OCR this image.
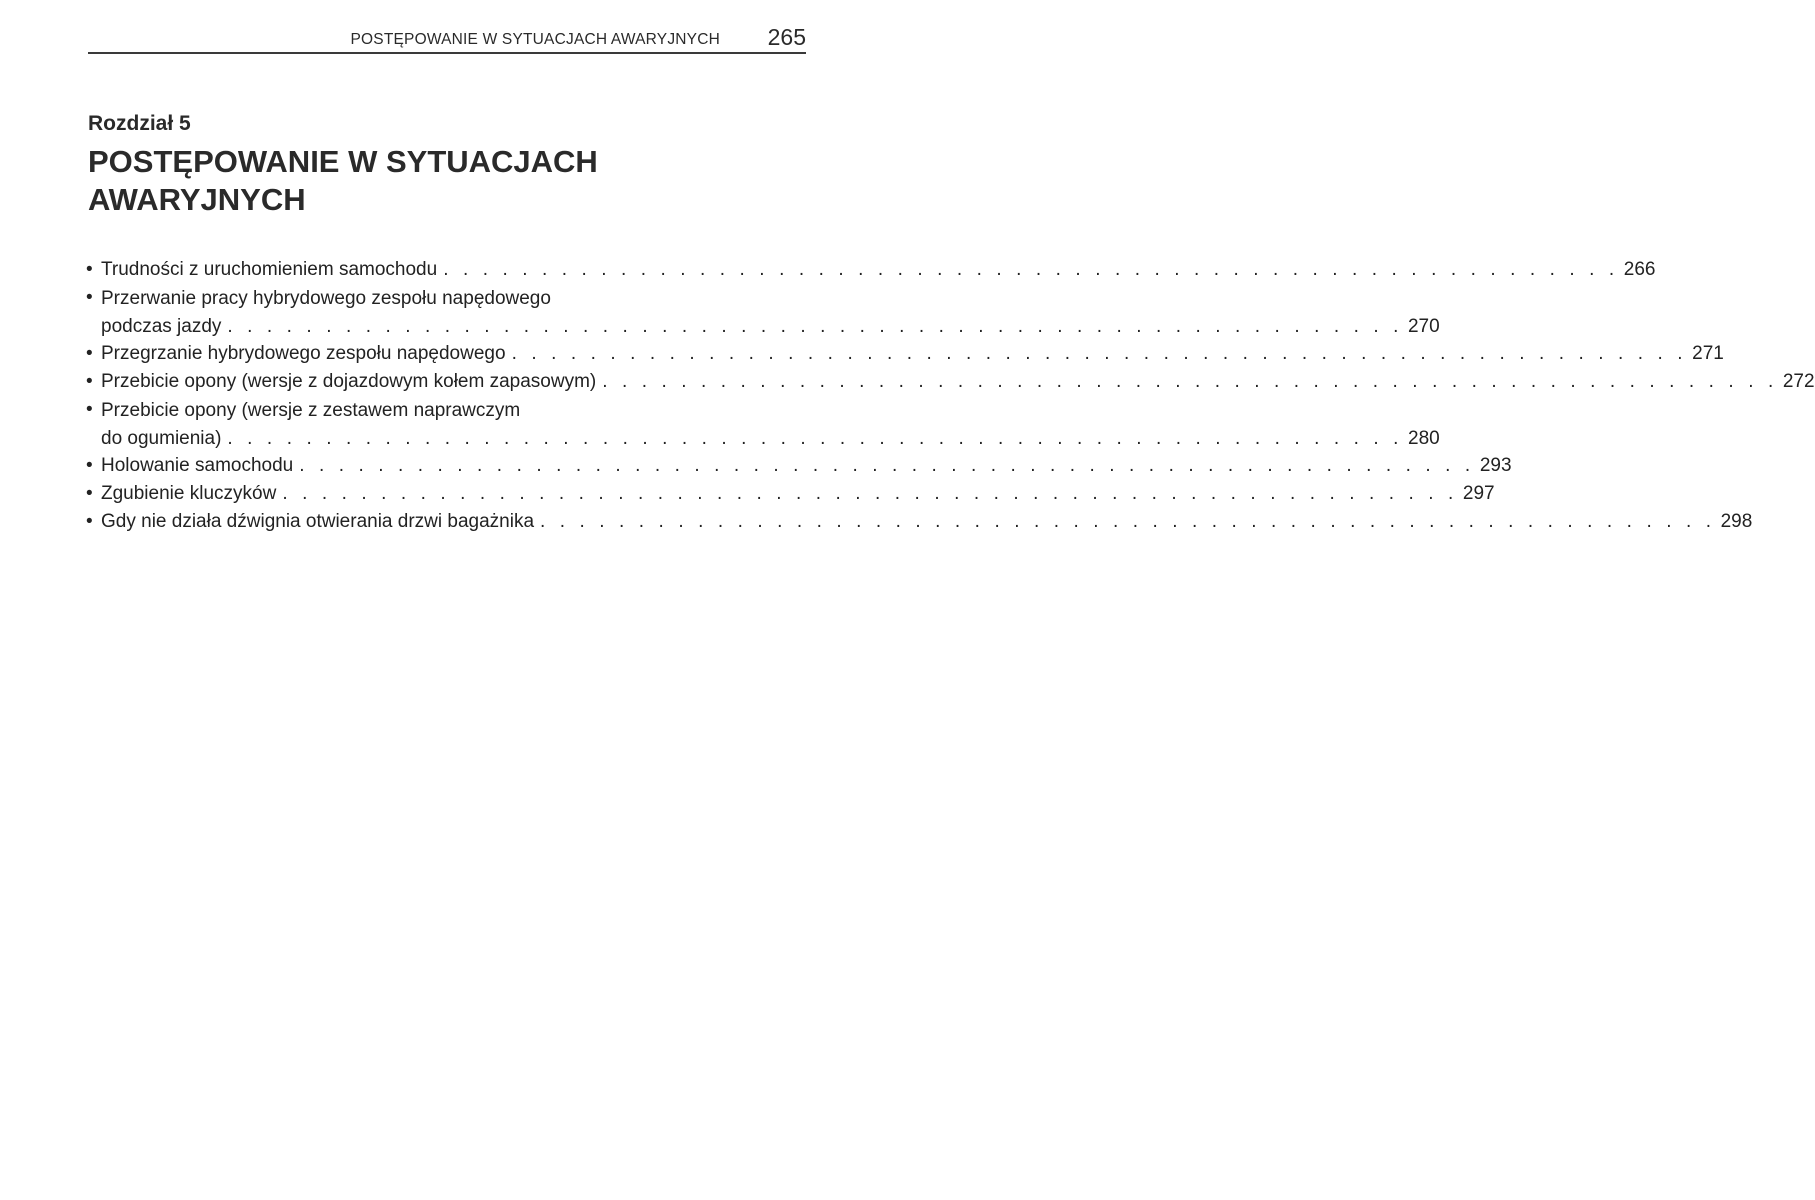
POSTĘPOWANIE W SYTUACJACH AWARYJNYCH 265
Rozdział 5
POSTĘPOWANIE W SYTUACJACH AWARYJNYCH
• Trudności z uruchomieniem samochodu . . . . . . . . . . . . . . . . . . . . . . . . . . . . . . . . . . . . . . . . . . . . . . . . . . . . . . . . . . . . 266
• Przerwanie pracy hybrydowego zespołu napędowego
podczas jazdy . . . . . . . . . . . . . . . . . . . . . . . . . . . . . . . . . . . . . . . . . . . . . . . . . . . . . . . . . . . . 270
• Przegrzanie hybrydowego zespołu napędowego . . . . . . . . . . . . . . . . . . . . . . . . . . . . . . . . . . . . . . . . . . . . . . . . . . . . . . . . . . . . 271
• Przebicie opony (wersje z dojazdowym kołem zapasowym) . . . . . . . . . . . . . . . . . . . . . . . . . . . . . . . . . . . . . . . . . . . . . . . . . . . . . . . . . . . . 272
• Przebicie opony (wersje z zestawem naprawczym
do ogumienia) . . . . . . . . . . . . . . . . . . . . . . . . . . . . . . . . . . . . . . . . . . . . . . . . . . . . . . . . . . . . 280
• Holowanie samochodu . . . . . . . . . . . . . . . . . . . . . . . . . . . . . . . . . . . . . . . . . . . . . . . . . . . . . . . . . . . . 293
• Zgubienie kluczyków . . . . . . . . . . . . . . . . . . . . . . . . . . . . . . . . . . . . . . . . . . . . . . . . . . . . . . . . . . . . 297
• Gdy nie działa dźwignia otwierania drzwi bagażnika . . . . . . . . . . . . . . . . . . . . . . . . . . . . . . . . . . . . . . . . . . . . . . . . . . . . . . . . . . . . 298
